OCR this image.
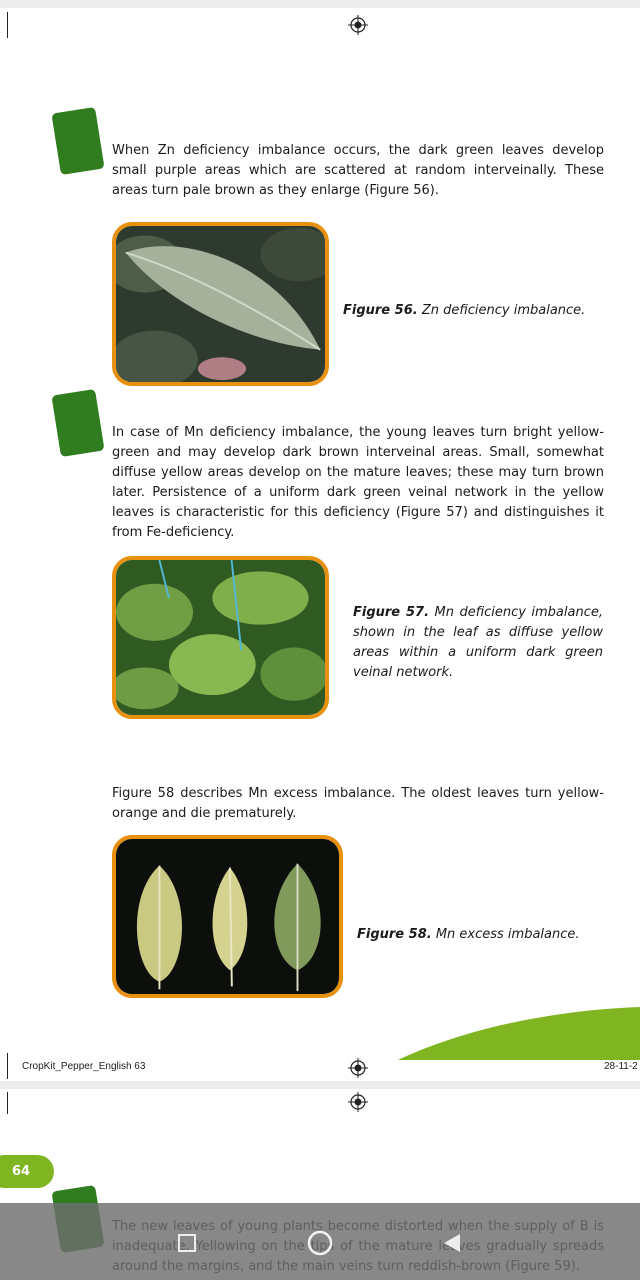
When Zn deficiency imbalance occurs, the dark green leaves develop small purple areas which are scattered at random interveinally. These areas turn pale brown as they enlarge (Figure 56).
Figure 56. Zn deficiency imbalance.
In case of Mn deficiency imbalance, the young leaves turn bright yellow-green and may develop dark brown interveinal areas. Small, somewhat diffuse yellow areas develop on the mature leaves; these may turn brown later. Persistence of a uniform dark green veinal network in the yellow leaves is characteristic for this deficiency (Figure 57) and distinguishes it from Fe-deficiency.
Figure 57. Mn deficiency imbalance, shown in the leaf as diffuse yellow areas within a uniform dark green veinal network.
Figure 58 describes Mn excess imbalance. The oldest leaves turn yellow-orange and die prematurely.
Figure 58. Mn excess imbalance.
CropKit_Pepper_English 63	28-11-2
64
